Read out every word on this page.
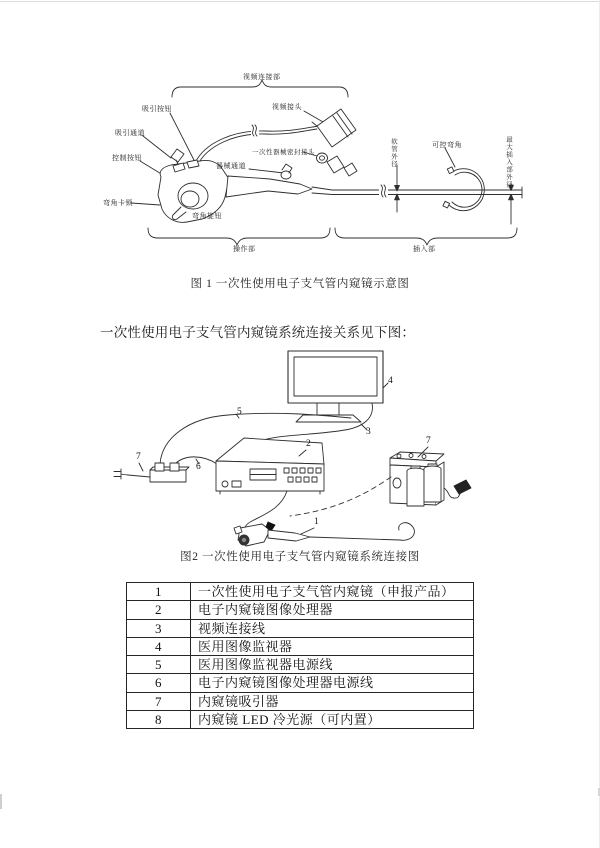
视频连接部
视频接头
吸引按钮
吸引通道
控制按钮
弯角卡锁
弯角旋钮
器械通道
一次性器械密封接头
可控弯角
软管外径	最大插入部外径
操作部	插入部
图 1 一次性使用电子支气管内窥镜示意图
一次性使用电子支气管内窥镜系统连接关系见下图：
图2 一次性使用电子支气管内窥镜系统连接图
1
2
3
4
5
6
7
7
1	一次性使用电子支气管内窥镜（申报产品）
2	电子内窥镜图像处理器
3	视频连接线
4	医用图像监视器
5	医用图像监视器电源线
6	电子内窥镜图像处理器电源线
7	内窥镜吸引器
8	内窥镜 LED 冷光源（可内置）
